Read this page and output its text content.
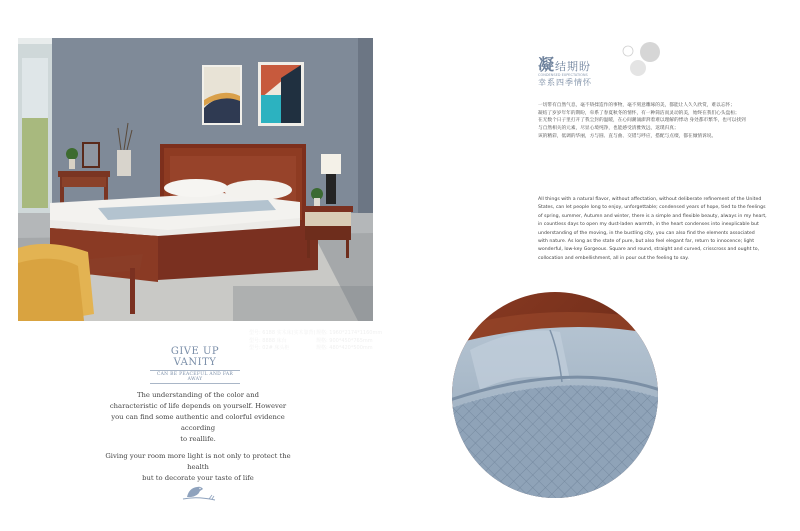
型号: 6188 实木床(实木靠背)
型号: 8888 床台
型号: 02# 床头柜
规格: 1960*2174*1160mm
规格: 900*450*765mm
规格: 480*420*500mm
GIVE UP VANITY
CAN BE PEACEFUL AND FAR AWAY
The understanding of the color and
characteristic of life depends on yourself. However
you can find some authentic and colorful evidence according
to reallife.
Giving your room more light is not only to protect the health
but to decorate your taste of life
凝结期盼
CONDENSED EXPECTATIONS
幸系四季情怀
一切带有自然气息，毫不矫揉造作的事物，毫不刻意雕琢的美，都能让人久久欣赏，难以忘怀；
凝结了岁岁年年的期盼，牵系了春夏秋冬的情怀，有一种简洁而灵动的美，始终在我们心头盘桓；
在无数个日子里打开了我尘封的温暖，在心间潮涌澎湃着难以理解的悸动 身处都市繁华，也可以找到
与自然相关的元素，尽显心境纯净，也能感受清雅致远，返璞归真；
该的精彩，低调的华丽，方与圆、直与曲、交错与呼应，搭配与点缀，都在倾情诉说。
All things with a natural flavor, without affectation, without deliberate refinement of the United
States, can let people long to enjoy, unforgettable; condensed years of hope, tied to the feelings
of spring, summer, Autumn and winter, there is a simple and flexible beauty, always in my heart,
in countless days to open my dust-laden warmth, in the heart condenses into inexplicable but
understanding of the moving, in the bustling city, you can also find the elements associated
with nature. As long as the state of pure, but also feel elegant far, return to innocence; light
wonderful, low-key Gorgeous. Square and round, straight and curved, crisscross and ought to,
collocation and embellishment, all in pour out the feeling to say.
